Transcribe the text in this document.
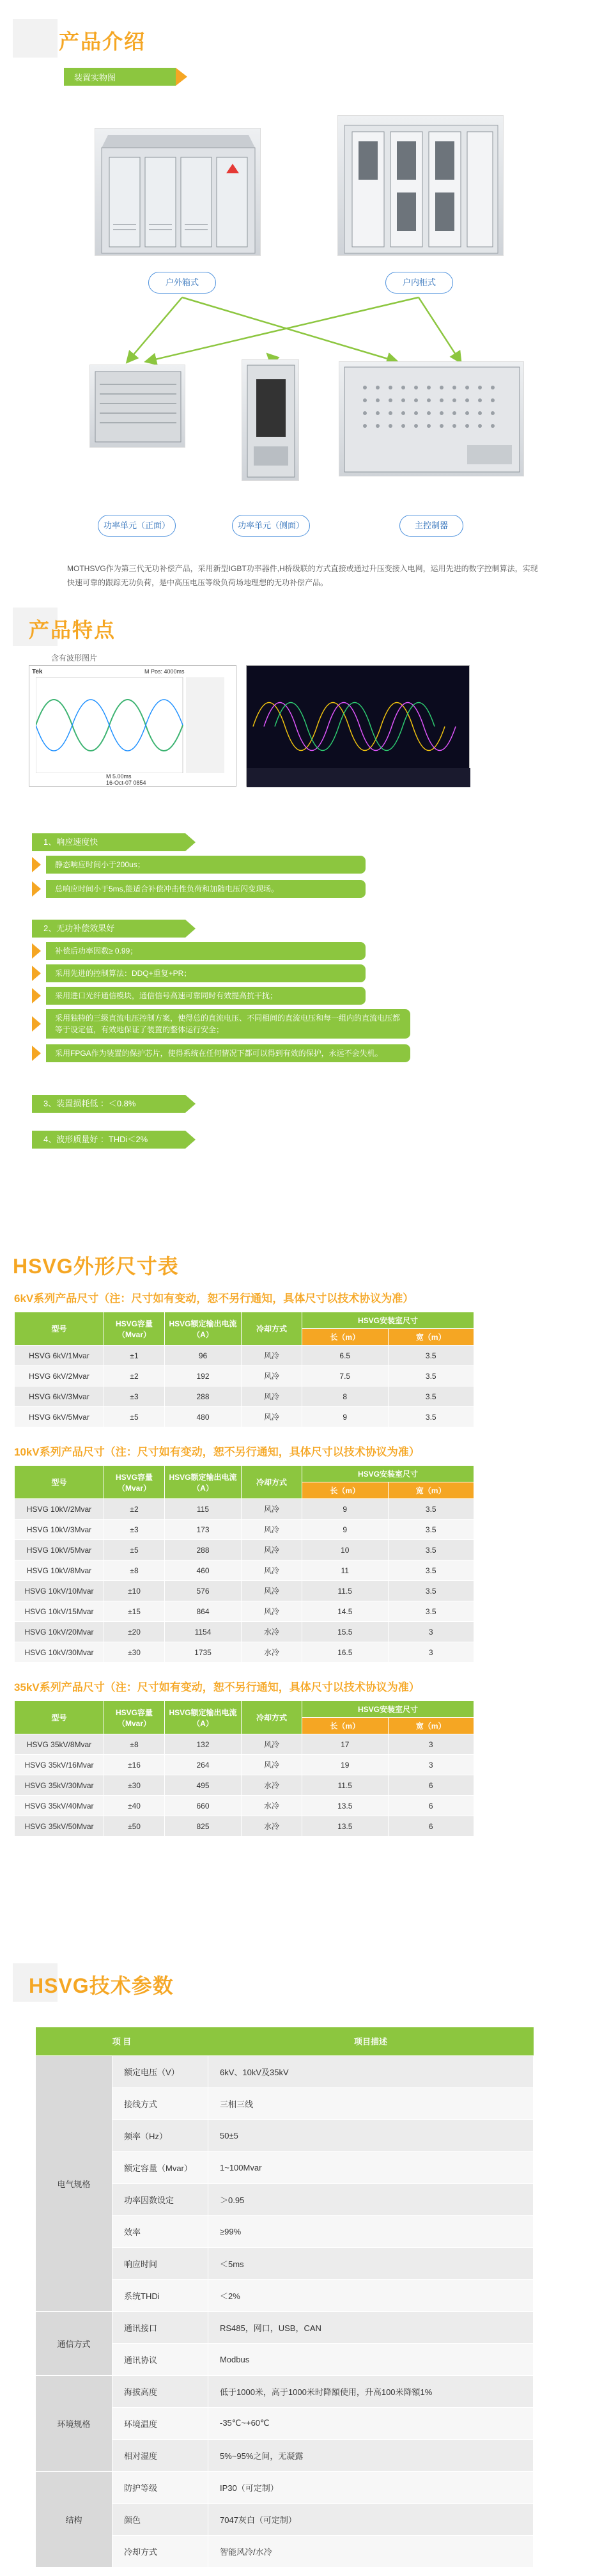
产品介绍
装置实物图
户外箱式	户内柜式
功率单元（正面）	功率单元（侧面）	主控制器

MOTHSVG作为第三代无功补偿产品，采用新型IGBT功率器件,H桥级联的方式直接或通过升压变接入电网，运用先进的数字控制算法，实现快速可靠的跟踪无功负荷，是中高压电压等级负荷场地理想的无功补偿产品。

产品特点
含有波形图片
Tek	M Pos: 4000ms
M 5.00ms
16-Oct-07 0854
1、响应速度快
静态响应时间小于200us；
总响应时间小于5ms,能适合补偿冲击性负荷和加随电压闪变现场。
2、无功补偿效果好
补偿后功率因数≥ 0.99；
采用先进的控制算法：DDQ+重复+PR；
采用进口光纤通信模块，通信信号高速可靠同时有效提高抗干扰；
采用独特的三级直流电压控制方案，使得总的直流电压、不同相间的直流电压和每一组内的直流电压都等于设定值，有效地保证了装置的整体运行安全；
采用FPGA作为装置的保护芯片，使得系统在任何情况下都可以得到有效的保护，永远不会失机。
3、装置损耗低 ：＜0.8%
4、波形质量好 ：THDi＜2%
HSVG外形尺寸表
6kV系列产品尺寸（注：尺寸如有变动，恕不另行通知，具体尺寸以技术协议为准）
型号	HSVG容量（Mvar）	HSVG额定输出电流（A）	冷却方式	HSVG安装室尺寸	
				长（m）	宽（m）
HSVG 6kV/1Mvar	±1	96	风冷	6.5	3.5
HSVG 6kV/2Mvar	±2	192	风冷	7.5	3.5
HSVG 6kV/3Mvar	±3	288	风冷	8	3.5
HSVG 6kV/5Mvar	±5	480	风冷	9	3.5
10kV系列产品尺寸（注：尺寸如有变动，恕不另行通知，具体尺寸以技术协议为准）
型号	HSVG容量（Mvar）	HSVG额定输出电流（A）	冷却方式	HSVG安装室尺寸	
				长（m）	宽（m）
HSVG 10kV/2Mvar	±2	115	风冷	9	3.5
HSVG 10kV/3Mvar	±3	173	风冷	9	3.5
HSVG 10kV/5Mvar	±5	288	风冷	10	3.5
HSVG 10kV/8Mvar	±8	460	风冷	11	3.5
HSVG 10kV/10Mvar	±10	576	风冷	11.5	3.5
HSVG 10kV/15Mvar	±15	864	风冷	14.5	3.5
HSVG 10kV/20Mvar	±20	1154	水冷	15.5	3
HSVG 10kV/30Mvar	±30	1735	水冷	16.5	3
35kV系列产品尺寸（注：尺寸如有变动，恕不另行通知，具体尺寸以技术协议为准）
型号	HSVG容量（Mvar）	HSVG额定输出电流（A）	冷却方式	HSVG安装室尺寸	
				长（m）	宽（m）
HSVG 35kV/8Mvar	±8	132	风冷	17	3
HSVG 35kV/16Mvar	±16	264	风冷	19	3
HSVG 35kV/30Mvar	±30	495	水冷	11.5	6
HSVG 35kV/40Mvar	±40	660	水冷	13.5	6
HSVG 35kV/50Mvar	±50	825	水冷	13.5	6
HSVG技术参数
项 目		项目描述
电气规格	额定电压（V）	6kV、10kV及35kV
	接线方式	三相三线
	频率（Hz）	50±5
	额定容量（Mvar）	1~100Mvar
	功率因数设定	＞0.95
	效率	≥99%
	响应时间	＜5ms
	系统THDi	＜2%
通信方式	通讯接口	RS485，网口，USB，CAN
	通讯协议	Modbus
环境规格	海拔高度	低于1000米，高于1000米时降額使用，升高100米降額1%
	环境温度	-35℃~+60℃
	相对湿度	5%~95%之间，无凝露
结构	防护等级	IP30（可定制）
	颜色	7047灰白（可定制）
	冷却方式	智能风冷/水冷
